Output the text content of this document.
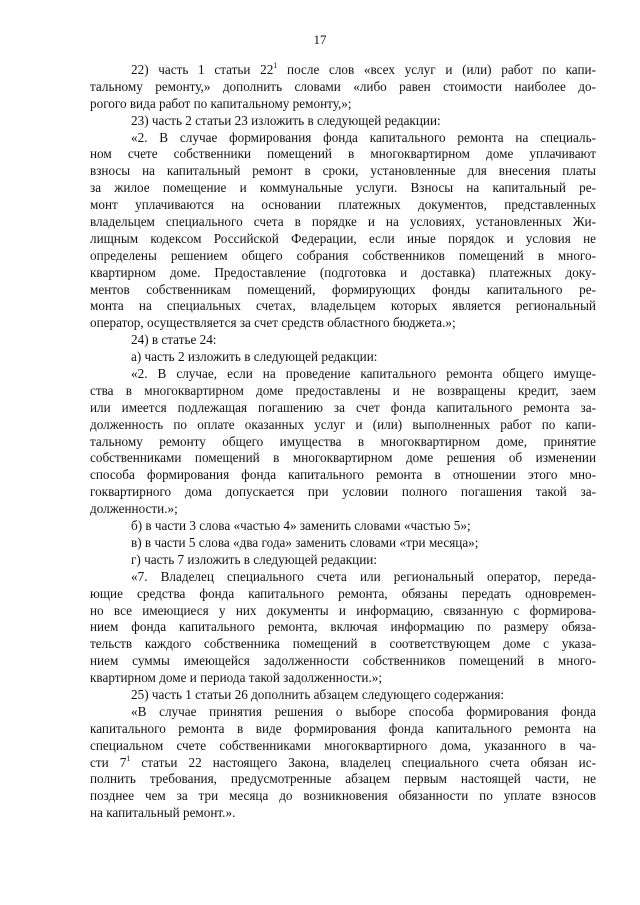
17
22) часть 1 статьи $22^1$ после слов «всех услуг и (или) работ по капи-
тальному ремонту,» дополнить словами «либо равен стоимости наиболее до-
рогого вида работ по капитальному ремонту,»;
23) часть 2 статьи 23 изложить в следующей редакции:
«2. В случае формирования фонда капитального ремонта на специаль-
ном счете собственники помещений в многоквартирном доме уплачивают
взносы на капитальный ремонт в сроки, установленные для внесения платы
за жилое помещение и коммунальные услуги. Взносы на капитальный ре-
монт уплачиваются на основании платежных документов, представленных
владельцем специального счета в порядке и на условиях, установленных Жи-
лищным кодексом Российской Федерации, если иные порядок и условия не
определены решением общего собрания собственников помещений в много-
квартирном доме. Предоставление (подготовка и доставка) платежных доку-
ментов собственникам помещений, формирующих фонды капитального ре-
монта на специальных счетах, владельцем которых является региональный
оператор, осуществляется за счет средств областного бюджета.»;
24) в статье 24:
а) часть 2 изложить в следующей редакции:
«2. В случае, если на проведение капитального ремонта общего имуще-
ства в многоквартирном доме предоставлены и не возвращены кредит, заем
или имеется подлежащая погашению за счет фонда капитального ремонта за-
долженность по оплате оказанных услуг и (или) выполненных работ по капи-
тальному ремонту общего имущества в многоквартирном доме, принятие
собственниками помещений в многоквартирном доме решения об изменении
способа формирования фонда капитального ремонта в отношении этого мно-
гоквартирного дома допускается при условии полного погашения такой за-
долженности.»;
б) в части 3 слова «частью 4» заменить словами «частью 5»;
в) в части 5 слова «два года» заменить словами «три месяца»;
г) часть 7 изложить в следующей редакции:
«7. Владелец специального счета или региональный оператор, переда-
ющие средства фонда капитального ремонта, обязаны передать одновремен-
но все имеющиеся у них документы и информацию, связанную с формирова-
нием фонда капитального ремонта, включая информацию по размеру обяза-
тельств каждого собственника помещений в соответствующем доме с указа-
нием суммы имеющейся задолженности собственников помещений в много-
квартирном доме и периода такой задолженности.»;
25) часть 1 статьи 26 дополнить абзацем следующего содержания:
«В случае принятия решения о выборе способа формирования фонда
капитального ремонта в виде формирования фонда капитального ремонта на
специальном счете собственниками многоквартирного дома, указанного в ча-
сти $7^1$ статьи 22 настоящего Закона, владелец специального счета обязан ис-
полнить требования, предусмотренные абзацем первым настоящей части, не
позднее чем за три месяца до возникновения обязанности по уплате взносов
на капитальный ремонт.».
